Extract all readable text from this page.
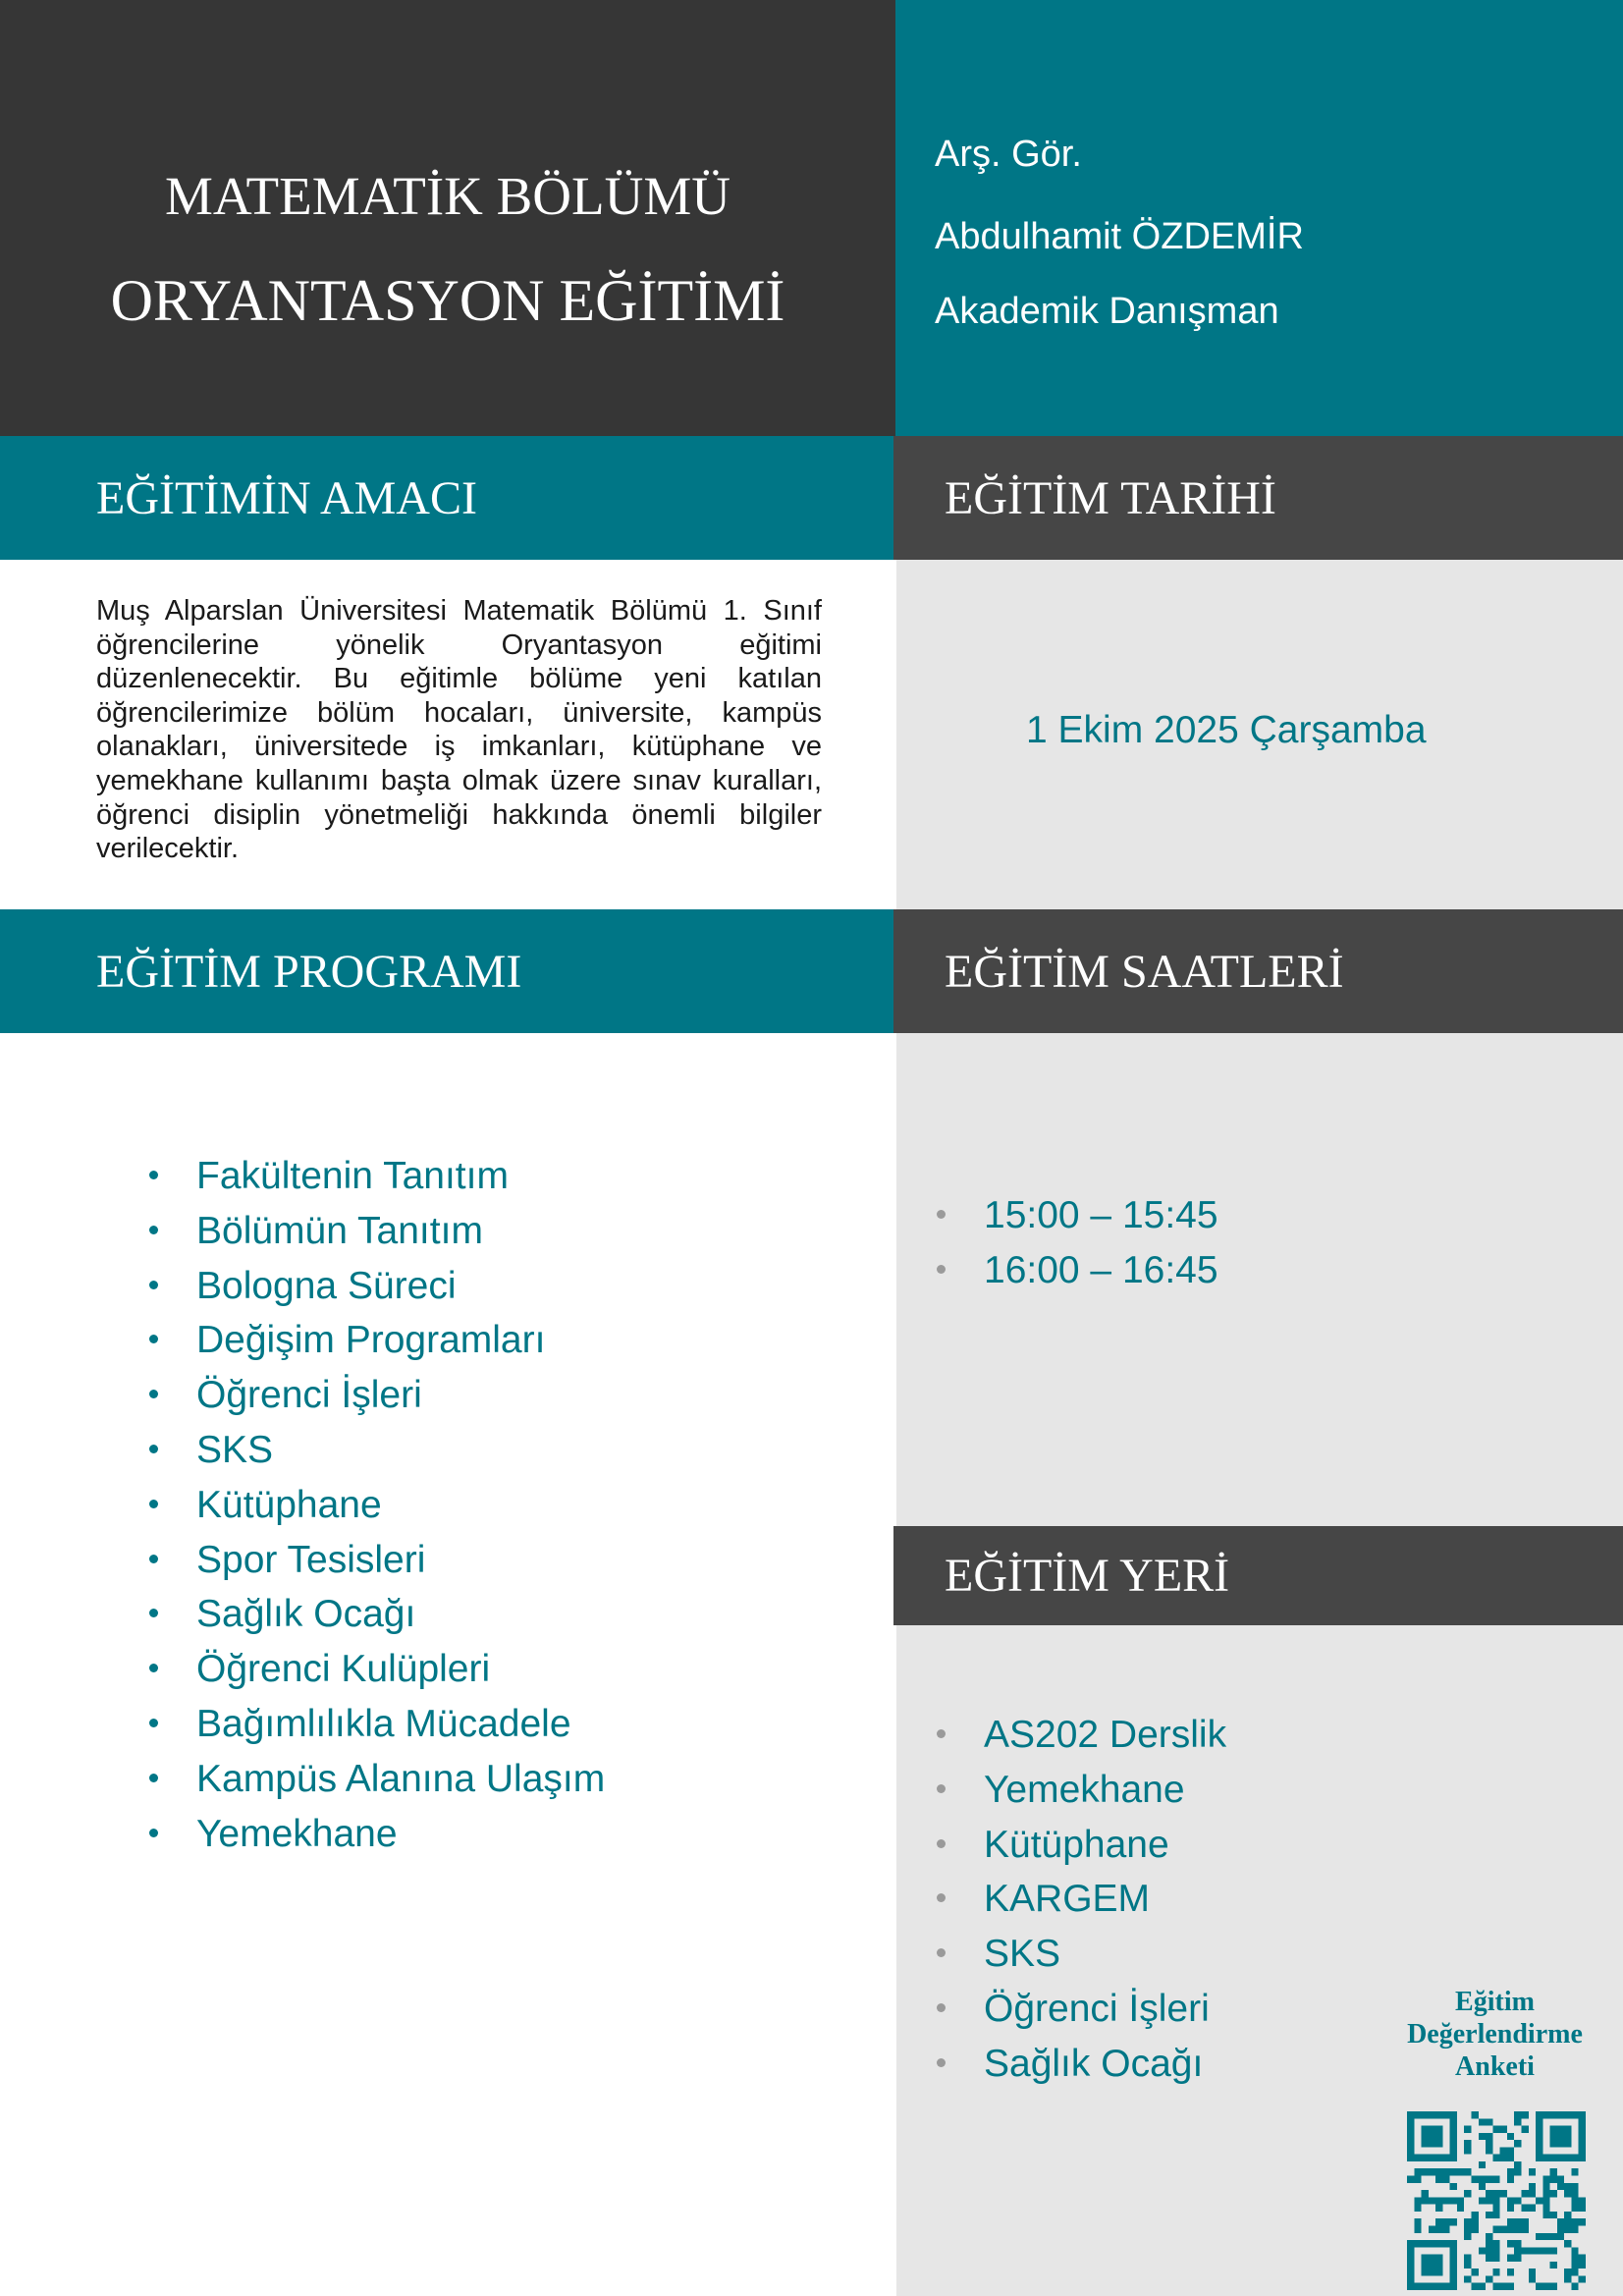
MATEMATİK BÖLÜMÜ
ORYANTASYON EĞİTİMİ
Arş. Gör.
Abdulhamit ÖZDEMİR
Akademik Danışman
EĞİTİMİN AMACI	EĞİTİM TARİHİ
Muş Alparslan Üniversitesi Matematik Bölümü 1. Sınıf öğrencilerine yönelik Oryantasyon eğitimi düzenlenecektir. Bu eğitimle bölüme yeni katılan öğrencilerimize bölüm hocaları, üniversite, kampüs olanakları, üniversitede iş imkanları, kütüphane ve yemekhane kullanımı başta olmak üzere sınav kuralları, öğrenci disiplin yönetmeliği hakkında önemli bilgiler verilecektir.
1 Ekim 2025 Çarşamba
EĞİTİM PROGRAMI	EĞİTİM SAATLERİ
EĞİTİM YERİ
Fakültenin Tanıtım
Bölümün Tanıtım
Bologna Süreci
Değişim Programları
Öğrenci İşleri
SKS
Kütüphane
Spor Tesisleri
Sağlık Ocağı
Öğrenci Kulüpleri
Bağımlılıkla Mücadele
Kampüs Alanına Ulaşım
Yemekhane
15:00 – 15:45
16:00 – 16:45
AS202 Derslik
Yemekhane
Kütüphane
KARGEM
SKS
Öğrenci İşleri
Sağlık Ocağı
Eğitim
Değerlendirme
Anketi
